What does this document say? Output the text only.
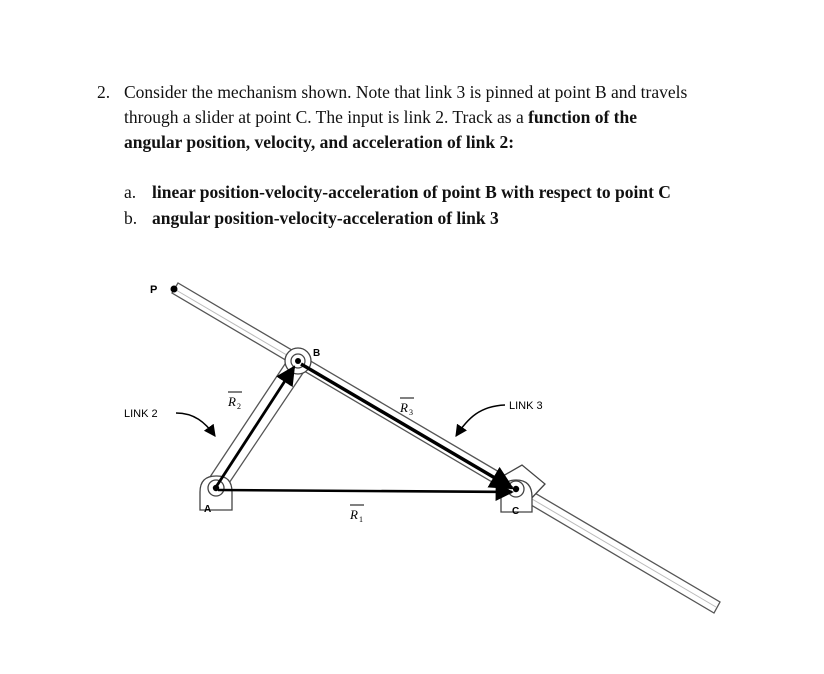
2. Consider the mechanism shown. Note that link 3 is pinned at point B and travels
through a slider at point C. The input is link 2. Track as a function of the
angular position, velocity, and acceleration of link 2:
a. linear position-velocity-acceleration of point B with respect to point C
b. angular position-velocity-acceleration of link 3
P
B
A	C
LINK 2
LINK 3
R 2	R 3
R 1
